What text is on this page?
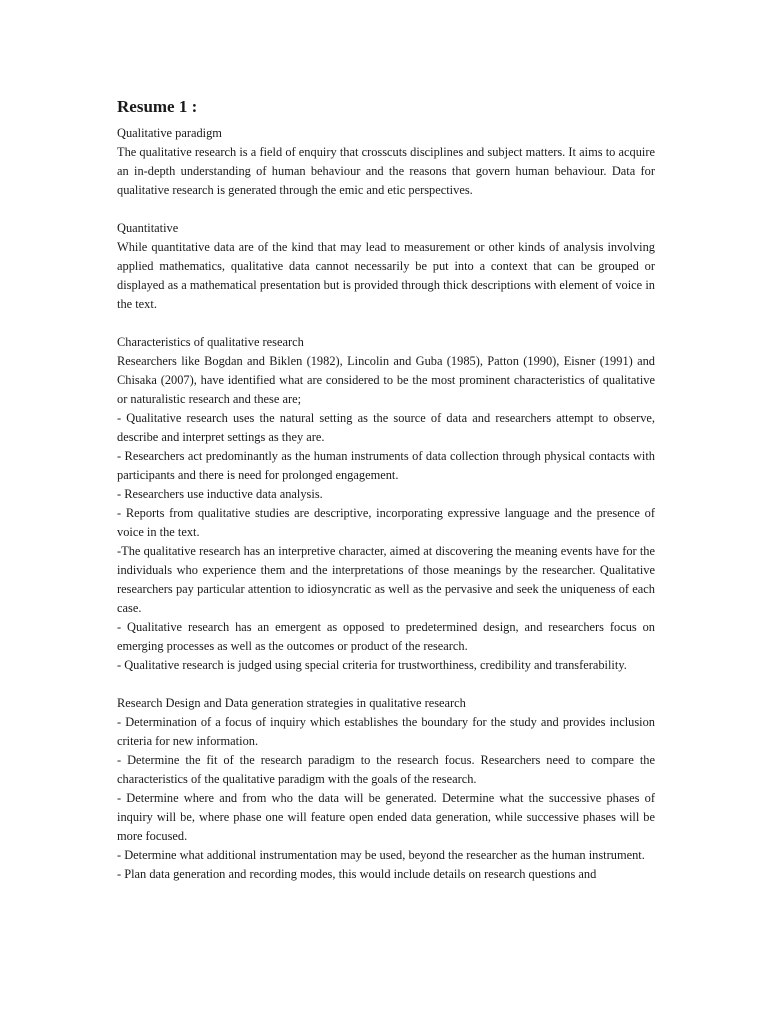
Resume 1 :

Qualitative paradigm

The qualitative research is a field of enquiry that crosscuts disciplines and subject matters. It aims to acquire an in-depth understanding of human behaviour and the reasons that govern human behaviour. Data for qualitative research is generated through the emic and etic perspectives.

Quantitative

While quantitative data are of the kind that may lead to measurement or other kinds of analysis involving applied mathematics, qualitative data cannot necessarily be put into a context that can be grouped or displayed as a mathematical presentation but is provided through thick descriptions with element of voice in the text.

Characteristics of qualitative research

Researchers like Bogdan and Biklen (1982), Lincolin and Guba (1985), Patton (1990), Eisner (1991) and Chisaka (2007), have identified what are considered to be the most prominent characteristics of qualitative or naturalistic research and these are;

- Qualitative research uses the natural setting as the source of data and researchers attempt to observe, describe and interpret settings as they are.

- Researchers act predominantly as the human instruments of data collection through physical contacts with participants and there is need for prolonged engagement.

- Researchers use inductive data analysis.

- Reports from qualitative studies are descriptive, incorporating expressive language and the presence of voice in the text.

-The qualitative research has an interpretive character, aimed at discovering the meaning events have for the individuals who experience them and the interpretations of those meanings by the researcher. Qualitative researchers pay particular attention to idiosyncratic as well as the pervasive and seek the uniqueness of each case.

- Qualitative research has an emergent as opposed to predetermined design, and researchers focus on emerging processes as well as the outcomes or product of the research.

- Qualitative research is judged using special criteria for trustworthiness, credibility and transferability.

Research Design and Data generation strategies in qualitative research

- Determination of a focus of inquiry which establishes the boundary for the study and provides inclusion criteria for new information.

- Determine the fit of the research paradigm to the research focus. Researchers need to compare the characteristics of the qualitative paradigm with the goals of the research.

- Determine where and from who the data will be generated. Determine what the successive phases of inquiry will be, where phase one will feature open ended data generation, while successive phases will be more focused.

- Determine what additional instrumentation may be used, beyond the researcher as the human instrument.

- Plan data generation and recording modes, this would include details on research questions and
